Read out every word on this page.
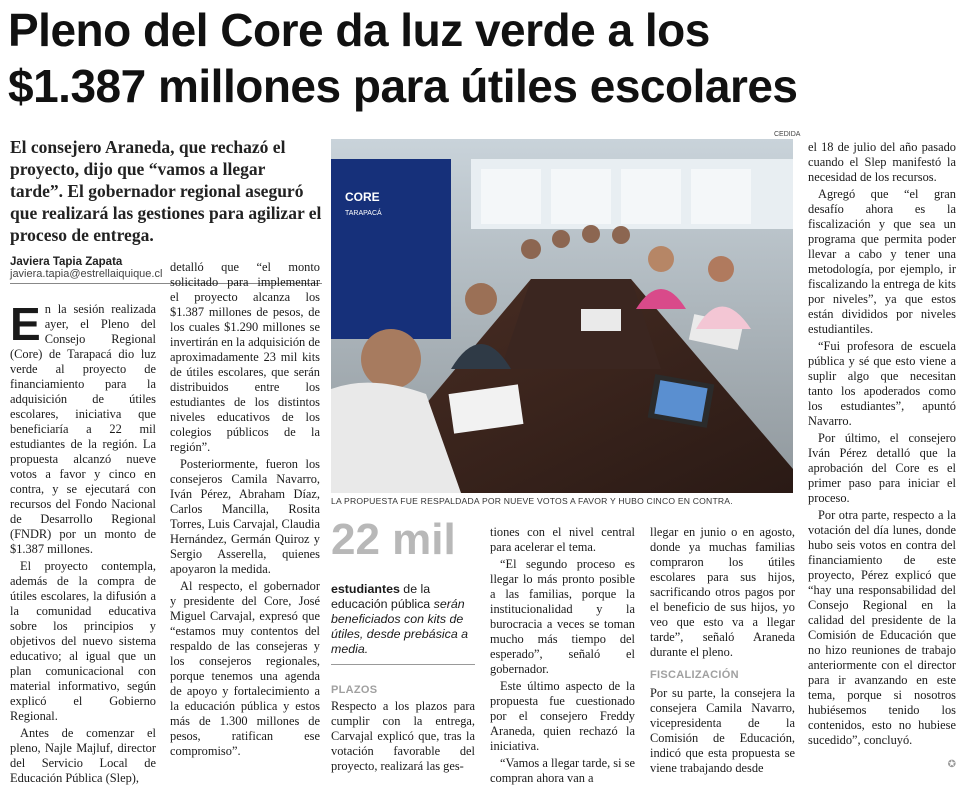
Pleno del Core da luz verde a los
$1.387 millones para útiles escolares
El consejero Araneda, que rechazó el proyecto, dijo que “vamos a llegar tarde”. El gobernador regional aseguró que realizará las gestiones para agilizar el proceso de entrega.
Javiera Tapia Zapata
javiera.tapia@estrellaiquique.cl

En la sesión realizada ayer, el Pleno del Consejo Regional (Core) de Tarapacá dio luz verde al proyecto de financiamiento para la adquisición de útiles escolares, iniciativa que beneficiaría a 22 mil estudiantes de la región. La propuesta alcanzó nueve votos a favor y cinco en contra, y se ejecutará con recursos del Fondo Nacional de Desarrollo Regional (FNDR) por un monto de $1.387 millones.

El proyecto contempla, además de la compra de útiles escolares, la difusión a la comunidad educativa sobre los principios y objetivos del nuevo sistema educativo; al igual que un plan comunicacional con material informativo, según explicó el Gobierno Regional.

Antes de comenzar el pleno, Najle Majluf, director del Servicio Local de Educación Pública (Slep),

detalló que “el monto solicitado para implementar el proyecto alcanza los $1.387 millones de pesos, de los cuales $1.290 millones se invertirán en la adquisición de aproximadamente 23 mil kits de útiles escolares, que serán distribuidos entre los estudiantes de los distintos niveles educativos de los colegios públicos de la región”.

Posteriormente, fueron los consejeros Camila Navarro, Iván Pérez, Abraham Díaz, Carlos Mancilla, Rosita Torres, Luis Carvajal, Claudia Hernández, Germán Quiroz y Sergio Asserella, quienes apoyaron la medida.

Al respecto, el gobernador y presidente del Core, José Miguel Carvajal, expresó que “estamos muy contentos del respaldo de las consejeras y los consejeros regionales, porque tenemos una agenda de apoyo y fortalecimiento a la educación pública y estos más de 1.300 millones de pesos, ratifican ese compromiso”.

CEDIDA
CORE
TARAPACÁ
LA PROPUESTA FUE RESPALDADA POR NUEVE VOTOS A FAVOR Y HUBO CINCO EN CONTRA.
22 mil
estudiantes de la educación pública serán beneficiados con kits de útiles, desde prebásica a media.
PLAZOS

Respecto a los plazos para cumplir con la entrega, Carvajal explicó que, tras la votación favorable del proyecto, realizará las ges-

tiones con el nivel central para acelerar el tema.

“El segundo proceso es llegar lo más pronto posible a las familias, porque la institucionalidad y la burocracia a veces se toman mucho más tiempo del esperado”, señaló el gobernador.

Este último aspecto de la propuesta fue cuestionado por el consejero Freddy Araneda, quien rechazó la iniciativa.

“Vamos a llegar tarde, si se compran ahora van a

llegar en junio o en agosto, donde ya muchas familias compraron los útiles escolares para sus hijos, sacrificando otros pagos por el beneficio de sus hijos, yo veo que esto va a llegar tarde”, señaló Araneda durante el pleno.

FISCALIZACIÓN

Por su parte, la consejera la consejera Camila Navarro, vicepresidenta de la Comisión de Educación, indicó que esta propuesta se viene trabajando desde

el 18 de julio del año pasado cuando el Slep manifestó la necesidad de los recursos.

Agregó que “el gran desafío ahora es la fiscalización y que sea un programa que permita poder llevar a cabo y tener una metodología, por ejemplo, ir fiscalizando la entrega de kits por niveles”, ya que estos están divididos por niveles estudiantiles.

“Fui profesora de escuela pública y sé que esto viene a suplir algo que necesitan tanto los apoderados como los estudiantes”, apuntó Navarro.

Por último, el consejero Iván Pérez detalló que la aprobación del Core es el primer paso para iniciar el proceso.

Por otra parte, respecto a la votación del día lunes, donde hubo seis votos en contra del financiamiento de este proyecto, Pérez explicó que “hay una responsabilidad del Consejo Regional en la calidad del presidente de la Comisión de Educación que no hizo reuniones de trabajo anteriormente con el director para ir avanzando en este tema, porque si nosotros hubiésemos tenido los contenidos, esto no hubiese sucedido”, concluyó.

✪
